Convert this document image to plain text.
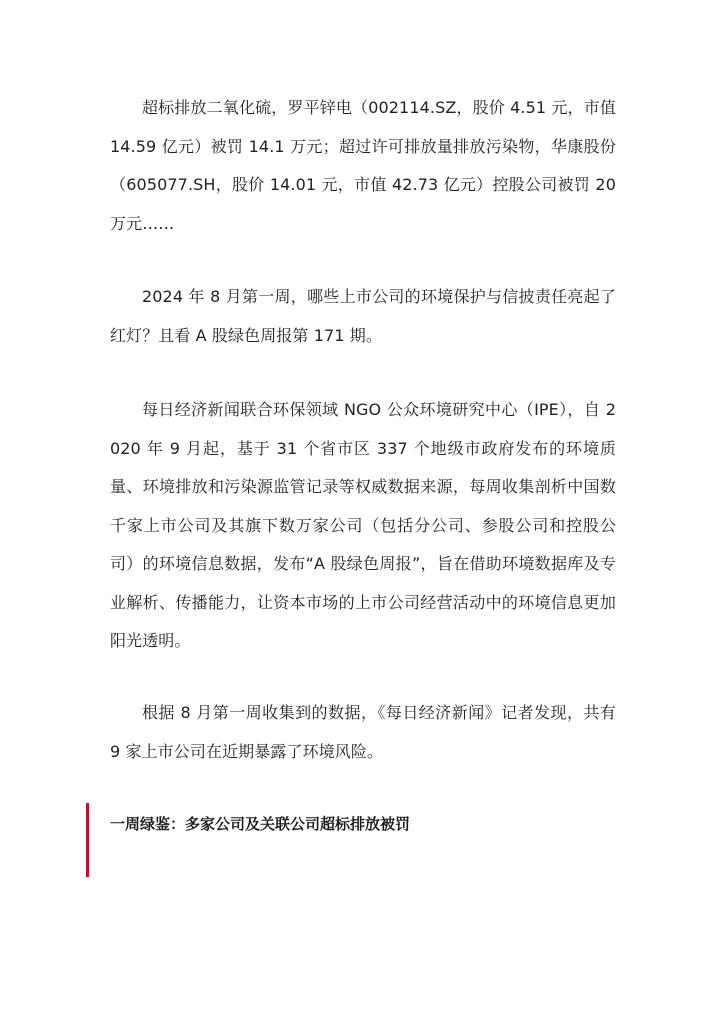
超标排放二氧化硫，罗平锌电（002114.SZ，股价 4.51 元，市值 14.59 亿元）被罚 14.1 万元；超过许可排放量排放污染物，华康股份（605077.SH，股价 14.01 元，市值 42.73 亿元）控股公司被罚 20 万元……

2024 年 8 月第一周，哪些上市公司的环境保护与信披责任亮起了红灯？且看 A 股绿色周报第 171 期。

每日经济新闻联合环保领域 NGO 公众环境研究中心（IPE），自 2020 年 9 月起，基于 31 个省市区 337 个地级市政府发布的环境质量、环境排放和污染源监管记录等权威数据来源，每周收集剖析中国数千家上市公司及其旗下数万家公司（包括分公司、参股公司和控股公司）的环境信息数据，发布“A 股绿色周报”，旨在借助环境数据库及专业解析、传播能力，让资本市场的上市公司经营活动中的环境信息更加阳光透明。

根据 8 月第一周收集到的数据，《每日经济新闻》记者发现，共有 9 家上市公司在近期暴露了环境风险。

一周绿鉴：多家公司及关联公司超标排放被罚
